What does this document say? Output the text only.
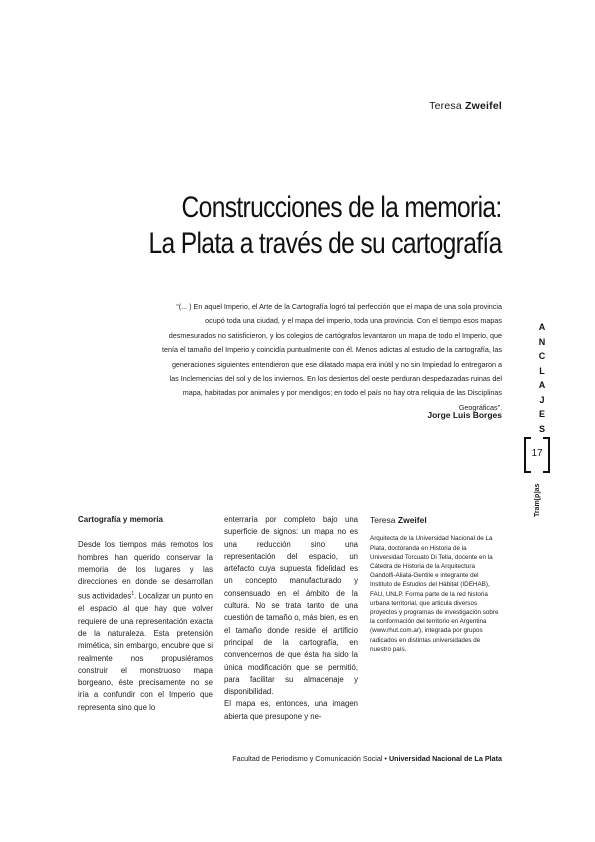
Teresa Zweifel
Construcciones de la memoria:
La Plata a través de su cartografía
“(... ) En aquel Imperio, el Arte de la Cartografía logró tal perfección que el mapa de una sola provincia ocupó toda una ciudad, y el mapa del imperio, toda una provincia. Con el tiempo esos mapas desmesurados no satisficieron, y los colegios de cartógrafos levantaron un mapa de todo el Imperio, que tenía el tamaño del Imperio y coincidía puntualmente con él. Menos adictas al estudio de la cartografía, las generaciones siguientes entendieron que ese dilatado mapa era inútil y no sin Impiedad lo entregaron a las Inclemencias del sol y de los inviernos. En los desiertos del oeste perduran despedazadas ruinas del mapa, habitadas por animales y por mendigos; en todo el país no hay otra reliquia de las Disciplinas Geográficas”.
Jorge Luis Borges
A
N
C
L
A
J
E
S
17
Tram[p]as
Cartografía y memoria

Desde los tiempos más remotos los hombres han querido conservar la memoria de los lugares y las direcciones en donde se desarrollan sus actividades$^1$. Localizar un punto en el espacio al que hay que volver requiere de una representación exacta de la naturaleza. Esta pretensión mimética, sin embargo, encubre que si realmente nos propusiéramos construir el monstruoso mapa borgeano, éste precisamente no se iría a confundir con el Imperio que representa sino que lo

enterraría por completo bajo una superficie de signos: un mapa no es una reducción sino una representación del espacio, un artefacto cuya supuesta fidelidad es un concepto manufacturado y consensuado en el ámbito de la cultura. No se trata tanto de una cuestión de tamaño o, más bien, es en el tamaño donde reside el artificio principal de la cartografía, en convencernos de que ésta ha sido la única modificación que se permitió, para facilitar su almacenaje y disponibilidad.

El mapa es, entonces, una imagen abierta que presupone y ne-

Teresa Zweifel
Arquitecta de la Universidad Nacional de La Plata, doctoranda en Historia de la Universidad Torcuato Di Tella, docente en la Cátedra de Historia de la Arquitectura Gandolfi-Aliata-Gentile e integrante del Instituto de Estudios del Hábitat (IDEHAB), FAU, UNLP. Forma parte de la red historia urbana territorial, que articula diversos proyectos y programas de investigación sobre la conformación del territorio en Argentina (www.rhut.com.ar), integrada por grupos radicados en distintas universidades de nuestro país.
Facultad de Periodismo y Comunicación Social • Universidad Nacional de La Plata
